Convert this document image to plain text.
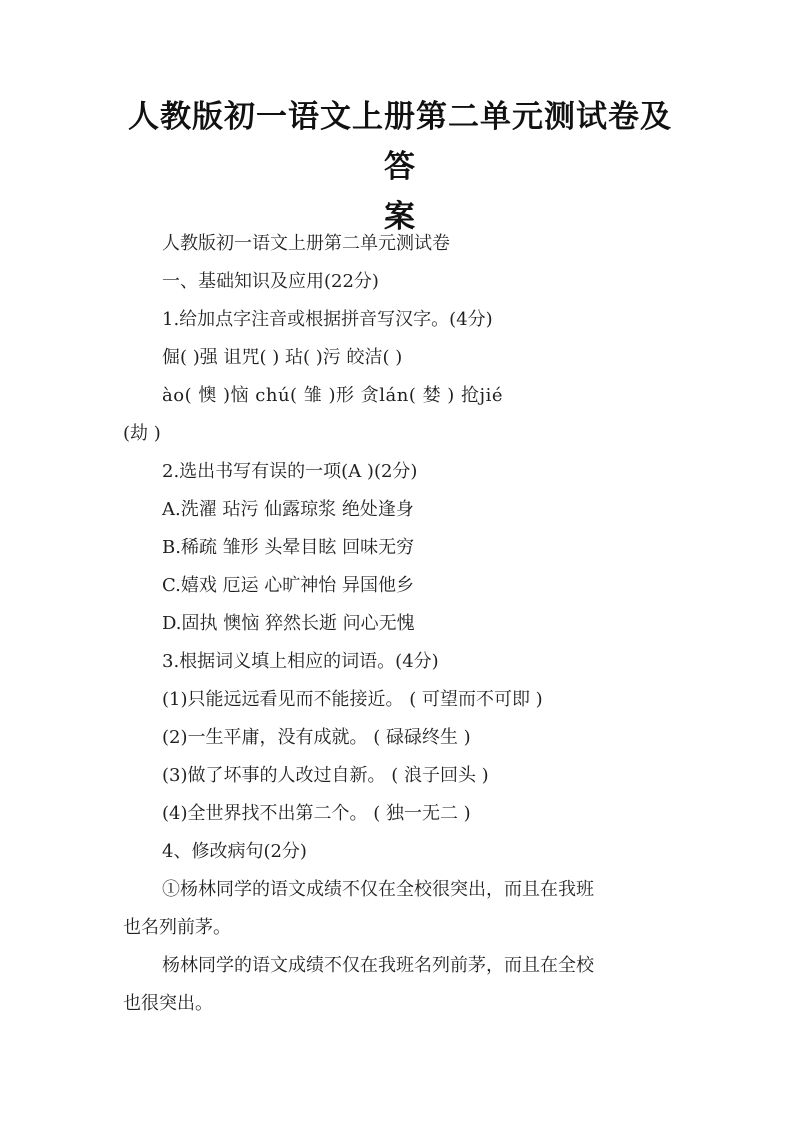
人教版初一语文上册第二单元测试卷及答
案
人教版初一语文上册第二单元测试卷
一、基础知识及应用(22分)
1.给加点字注音或根据拼音写汉字。(4分)
倔( )强 诅咒( ) 玷( )污 皎洁( )
ào( 懊 )恼 chú( 雏 )形 贪lán( 婪 ) 抢jié
(劫 )
2.选出书写有误的一项(A )(2分)
A.洗濯 玷污 仙露琼浆 绝处逢身
B.稀疏 雏形 头晕目眩 回味无穷
C.嬉戏 厄运 心旷神怡 异国他乡
D.固执 懊恼 猝然长逝 问心无愧
3.根据词义填上相应的词语。(4分)
(1)只能远远看见而不能接近。 ( 可望而不可即 )
(2)一生平庸，没有成就。 ( 碌碌终生 )
(3)做了坏事的人改过自新。 ( 浪子回头 )
(4)全世界找不出第二个。 ( 独一无二 )
4、修改病句(2分)
①杨林同学的语文成绩不仅在全校很突出，而且在我班
也名列前茅。
杨林同学的语文成绩不仅在我班名列前茅，而且在全校
也很突出。
